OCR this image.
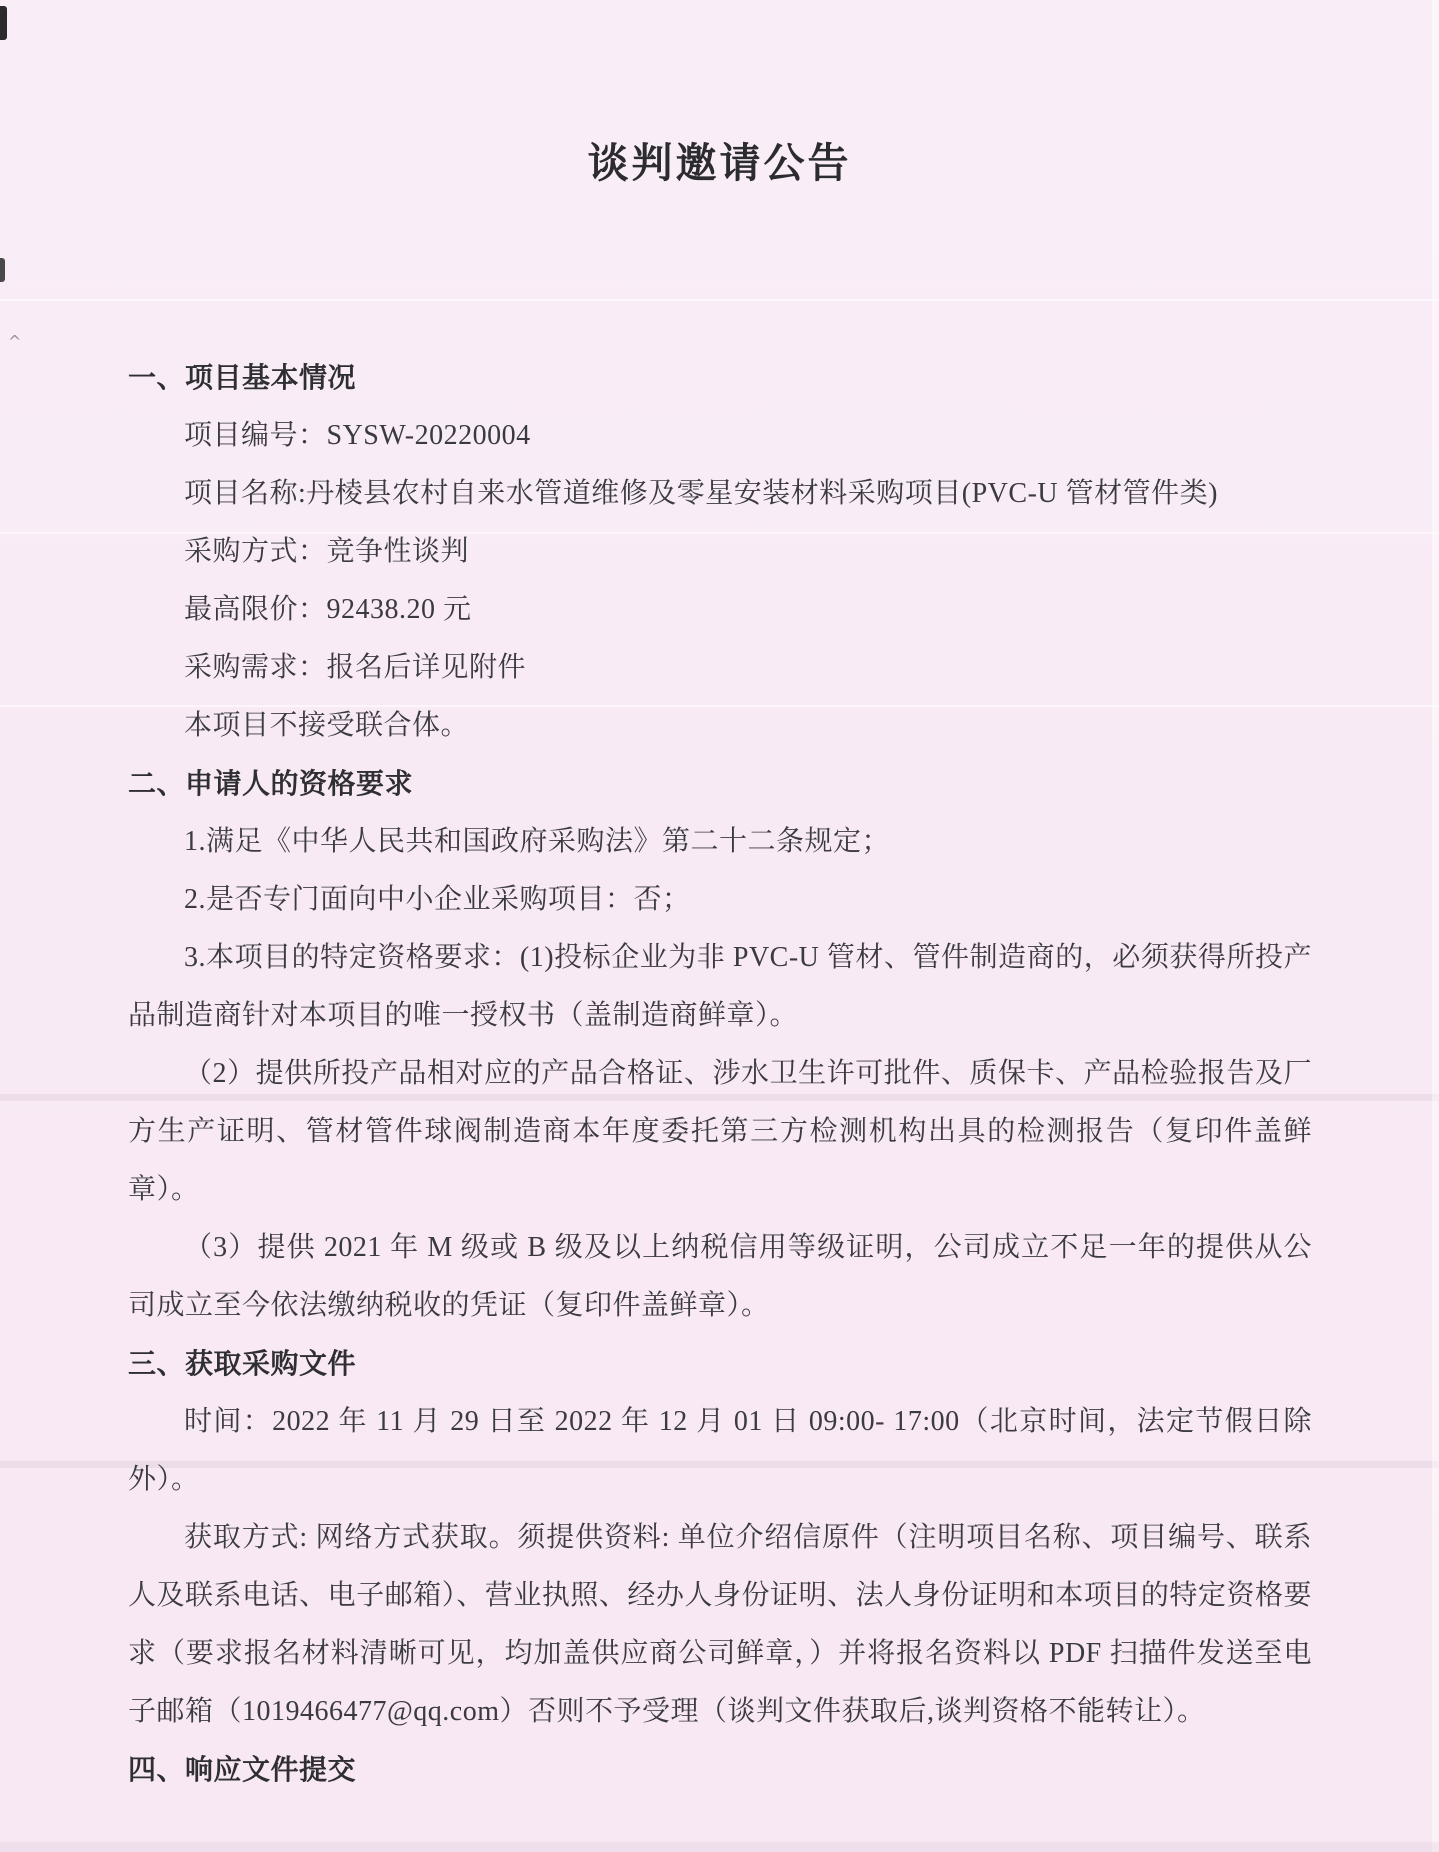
^
谈判邀请公告

一、项目基本情况

项目编号：SYSW-20220004

项目名称:丹棱县农村自来水管道维修及零星安装材料采购项目(PVC-U 管材管件类)

采购方式：竞争性谈判

最高限价：92438.20 元

采购需求：报名后详见附件

本项目不接受联合体。

二、申请人的资格要求

1.满足《中华人民共和国政府采购法》第二十二条规定；

2.是否专门面向中小企业采购项目：否；

3.本项目的特定资格要求：(1)投标企业为非 PVC-U 管材、管件制造商的，必须获得所投产品制造商针对本项目的唯一授权书（盖制造商鲜章）。

（2）提供所投产品相对应的产品合格证、涉水卫生许可批件、质保卡、产品检验报告及厂方生产证明、管材管件球阀制造商本年度委托第三方检测机构出具的检测报告（复印件盖鲜章）。

（3）提供 2021 年 M 级或 B 级及以上纳税信用等级证明，公司成立不足一年的提供从公司成立至今依法缴纳税收的凭证（复印件盖鲜章）。

三、获取采购文件

时间：2022 年 11 月 29 日至 2022 年 12 月 01 日 09:00- 17:00（北京时间，法定节假日除外）。

获取方式: 网络方式获取。须提供资料: 单位介绍信原件（注明项目名称、项目编号、联系人及联系电话、电子邮箱）、营业执照、经办人身份证明、法人身份证明和本项目的特定资格要求（要求报名材料清晰可见，均加盖供应商公司鲜章，）并将报名资料以 PDF 扫描件发送至电子邮箱（1019466477@qq.com）否则不予受理（谈判文件获取后,谈判资格不能转让）。

四、响应文件提交
